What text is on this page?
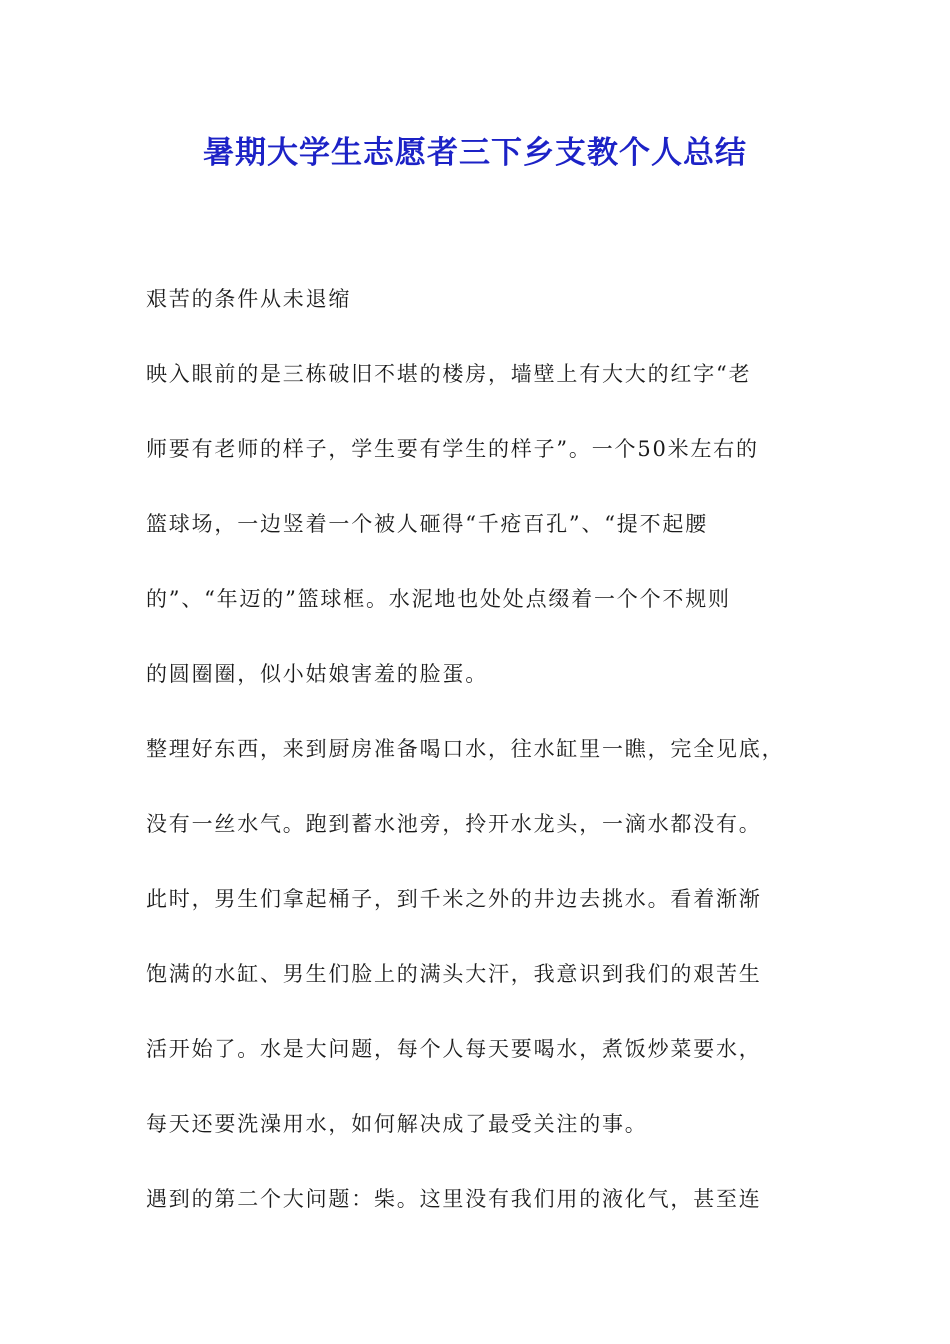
暑期大学生志愿者三下乡支教个人总结
艰苦的条件从未退缩
映入眼前的是三栋破旧不堪的楼房，墙壁上有大大的红字“老
师要有老师的样子，学生要有学生的样子”。一个50米左右的
篮球场，一边竖着一个被人砸得“千疮百孔”、“提不起腰
的”、“年迈的”篮球框。水泥地也处处点缀着一个个不规则
的圆圈圈，似小姑娘害羞的脸蛋。
整理好东西，来到厨房准备喝口水，往水缸里一瞧，完全见底，
没有一丝水气。跑到蓄水池旁，拎开水龙头，一滴水都没有。
此时，男生们拿起桶子，到千米之外的井边去挑水。看着渐渐
饱满的水缸、男生们脸上的满头大汗，我意识到我们的艰苦生
活开始了。水是大问题，每个人每天要喝水，煮饭炒菜要水，
每天还要洗澡用水，如何解决成了最受关注的事。
遇到的第二个大问题：柴。这里没有我们用的液化气，甚至连
